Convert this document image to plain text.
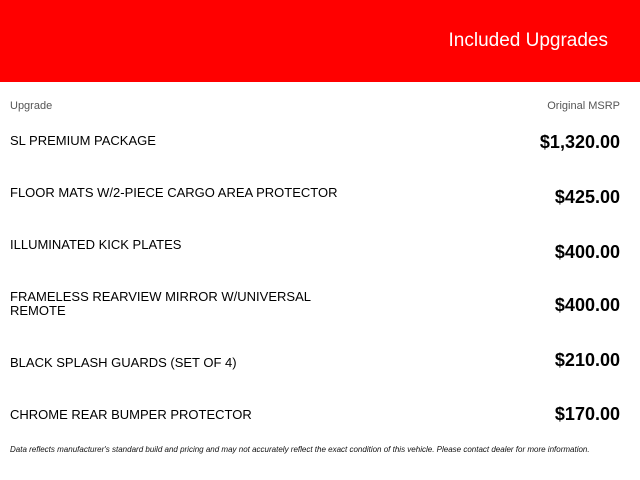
Included Upgrades
Upgrade	Original MSRP
SL PREMIUM PACKAGE	$1,320.00
FLOOR MATS W/2-PIECE CARGO AREA PROTECTOR	$425.00
ILLUMINATED KICK PLATES	$400.00
FRAMELESS REARVIEW MIRROR W/UNIVERSAL REMOTE	$400.00
BLACK SPLASH GUARDS (SET OF 4)	$210.00
CHROME REAR BUMPER PROTECTOR	$170.00
Data reflects manufacturer's standard build and pricing and may not accurately reflect the exact condition of this vehicle. Please contact dealer for more information.
